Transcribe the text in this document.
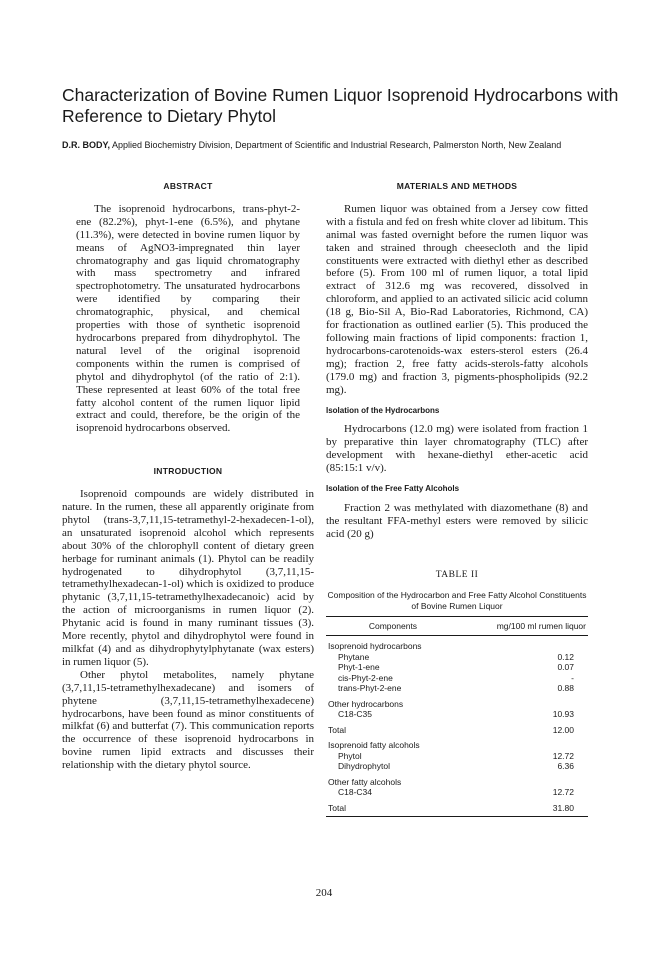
Characterization of Bovine Rumen Liquor Isoprenoid Hydrocarbons with Reference to Dietary Phytol
D.R. BODY, Applied Biochemistry Division, Department of Scientific and Industrial Research, Palmerston North, New Zealand
ABSTRACT

The isoprenoid hydrocarbons, trans-phyt-2-ene (82.2%), phyt-1-ene (6.5%), and phytane (11.3%), were detected in bovine rumen liquor by means of AgNO3-impregnated thin layer chromatography and gas liquid chromatography with mass spectrometry and infrared spectrophotometry. The unsaturated hydrocarbons were identified by comparing their chromatographic, physical, and chemical properties with those of synthetic isoprenoid hydrocarbons prepared from dihydrophytol. The natural level of the original isoprenoid components within the rumen is comprised of phytol and dihydrophytol (of the ratio of 2:1). These represented at least 60% of the total free fatty alcohol content of the rumen liquor lipid extract and could, therefore, be the origin of the isoprenoid hydrocarbons observed.

INTRODUCTION

Isoprenoid compounds are widely distributed in nature. In the rumen, these all apparently originate from phytol (trans-3,7,11,15-tetramethyl-2-hexadecen-1-ol), an unsaturated isoprenoid alcohol which represents about 30% of the chlorophyll content of dietary green herbage for ruminant animals (1). Phytol can be readily hydrogenated to dihydrophytol (3,7,11,15-tetramethylhexadecan-1-ol) which is oxidized to produce phytanic (3,7,11,15-tetramethylhexadecanoic) acid by the action of microorganisms in rumen liquor (2). Phytanic acid is found in many ruminant tissues (3). More recently, phytol and dihydrophytol were found in milkfat (4) and as dihydrophytylphytanate (wax esters) in rumen liquor (5).

Other phytol metabolites, namely phytane (3,7,11,15-tetramethylhexadecane) and isomers of phytene (3,7,11,15-tetramethylhexadecene) hydrocarbons, have been found as minor constituents of milkfat (6) and butterfat (7). This communication reports the occurrence of these isoprenoid hydrocarbons in bovine rumen lipid extracts and discusses their relationship with the dietary phytol source.

MATERIALS AND METHODS

Rumen liquor was obtained from a Jersey cow fitted with a fistula and fed on fresh white clover ad libitum. This animal was fasted overnight before the rumen liquor was taken and strained through cheesecloth and the lipid constituents were extracted with diethyl ether as described before (5). From 100 ml of rumen liquor, a total lipid extract of 312.6 mg was recovered, dissolved in chloroform, and applied to an activated silicic acid column (18 g, Bio-Sil A, Bio-Rad Laboratories, Richmond, CA) for fractionation as outlined earlier (5). This produced the following main fractions of lipid components: fraction 1, hydrocarbons-carotenoids-wax esters-sterol esters (26.4 mg); fraction 2, free fatty acids-sterols-fatty alcohols (179.0 mg) and fraction 3, pigments-phospholipids (92.2 mg).

Isolation of the Hydrocarbons

Hydrocarbons (12.0 mg) were isolated from fraction 1 by preparative thin layer chromatography (TLC) after development with hexane-diethyl ether-acetic acid (85:15:1 v/v).

Isolation of the Free Fatty Alcohols

Fraction 2 was methylated with diazomethane (8) and the resultant FFA-methyl esters were removed by silicic acid (20 g)

TABLE II
Composition of the Hydrocarbon and Free Fatty Alcohol Constituents of Bovine Rumen Liquor
Components	mg/100 ml rumen liquor
Isoprenoid hydrocarbons	
Phytane	0.12
Phyt-1-ene	0.07
cis-Phyt-2-ene	-
trans-Phyt-2-ene	0.88
Other hydrocarbons	
C18-C35	10.93
Total	12.00
Isoprenoid fatty alcohols	
Phytol	12.72
Dihydrophytol	6.36
Other fatty alcohols	
C18-C34	12.72
Total	31.80
204
